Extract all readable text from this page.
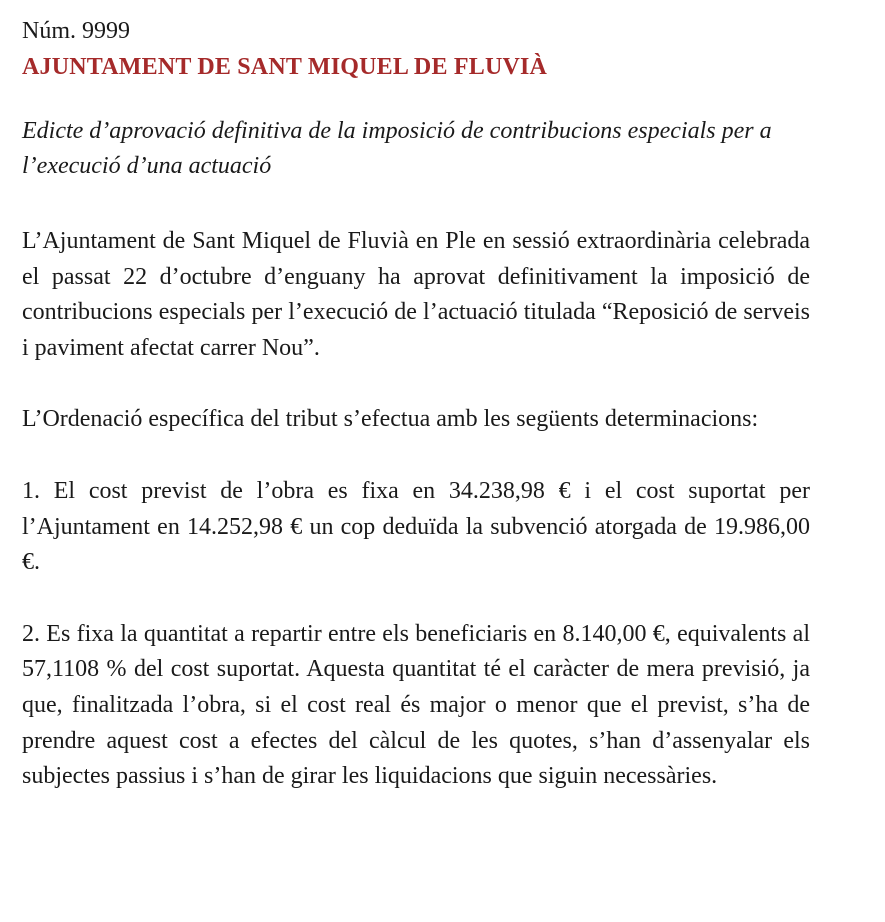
Núm. 9999

AJUNTAMENT DE SANT MIQUEL DE FLUVIÀ

Edicte d’aprovació definitiva de la imposició de contribucions especials per a l’execució d’una actuació

L’Ajuntament de Sant Miquel de Fluvià en Ple en sessió extraordinària celebrada el passat 22 d’octubre d’enguany ha aprovat definitivament la imposició de contribucions especials per l’execució de l’actuació titulada “Reposició de serveis i paviment afectat carrer Nou”.

L’Ordenació específica del tribut s’efectua amb les següents determinacions:

1. El cost previst de l’obra es fixa en 34.238,98 € i el cost suportat per l’Ajuntament en 14.252,98 € un cop deduïda la subvenció atorgada de 19.986,00 €.

2. Es fixa la quantitat a repartir entre els beneficiaris en 8.140,00 €, equivalents al 57,1108 % del cost suportat. Aquesta quantitat té el caràcter de mera previsió, ja que, finalitzada l’obra, si el cost real és major o menor que el previst, s’ha de prendre aquest cost a efectes del càlcul de les quotes, s’han d’assenyalar els subjectes passius i s’han de girar les liquidacions que siguin necessàries.
